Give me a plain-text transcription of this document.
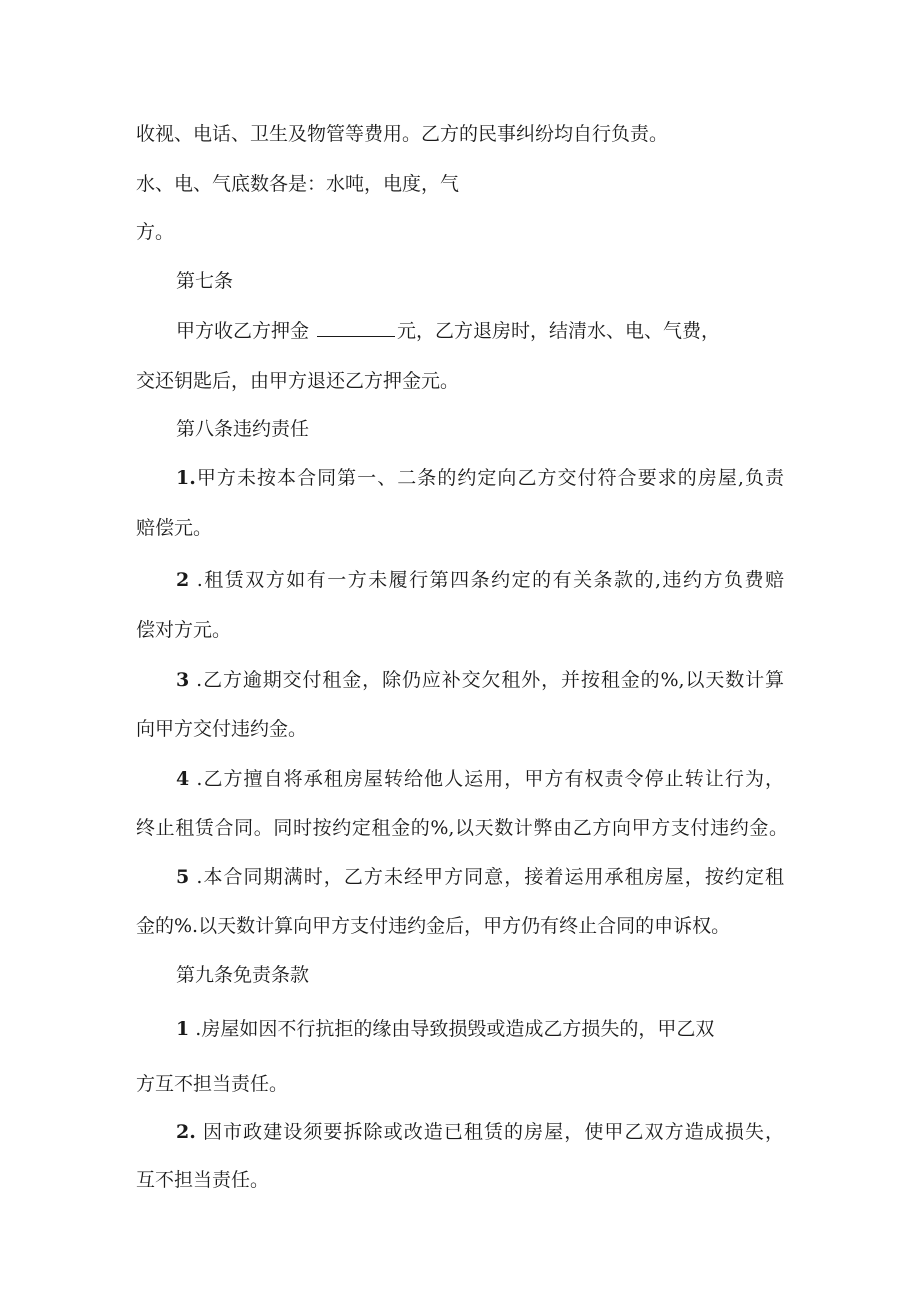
收视、电话、卫生及物管等费用。乙方的民事纠纷均自行负责。
水、电、气底数各是：水吨，电度，气
方。
第七条
甲方收乙方押金	元，乙方退房时，结清水、电、气费，
交还钥匙后，由甲方退还乙方押金元。
第八条违约责任
1.甲方未按本合同第一、二条的约定向乙方交付符合要求的房屋,负责
赔偿元。
2 .租赁双方如有一方未履行第四条约定的有关条款的,违约方负费赔
偿对方元。
3 .乙方逾期交付租金，除仍应补交欠租外，并按租金的%,以天数计算
向甲方交付违约金。
4 .乙方擅自将承租房屋转给他人运用，甲方有权责令停止转让行为，
终止租赁合同。同时按约定租金的%,以天数计弊由乙方向甲方支付违约金。
5 .本合同期满时，乙方未经甲方同意，接着运用承租房屋，按约定租
金的%.以天数计算向甲方支付违约金后，甲方仍有终止合同的申诉权。
第九条免责条款
1 .房屋如因不行抗拒的缘由导致损毁或造成乙方损失的，甲乙双
方互不担当责任。
2. 因市政建设须要拆除或改造已租赁的房屋，使甲乙双方造成损失，
互不担当责任。
